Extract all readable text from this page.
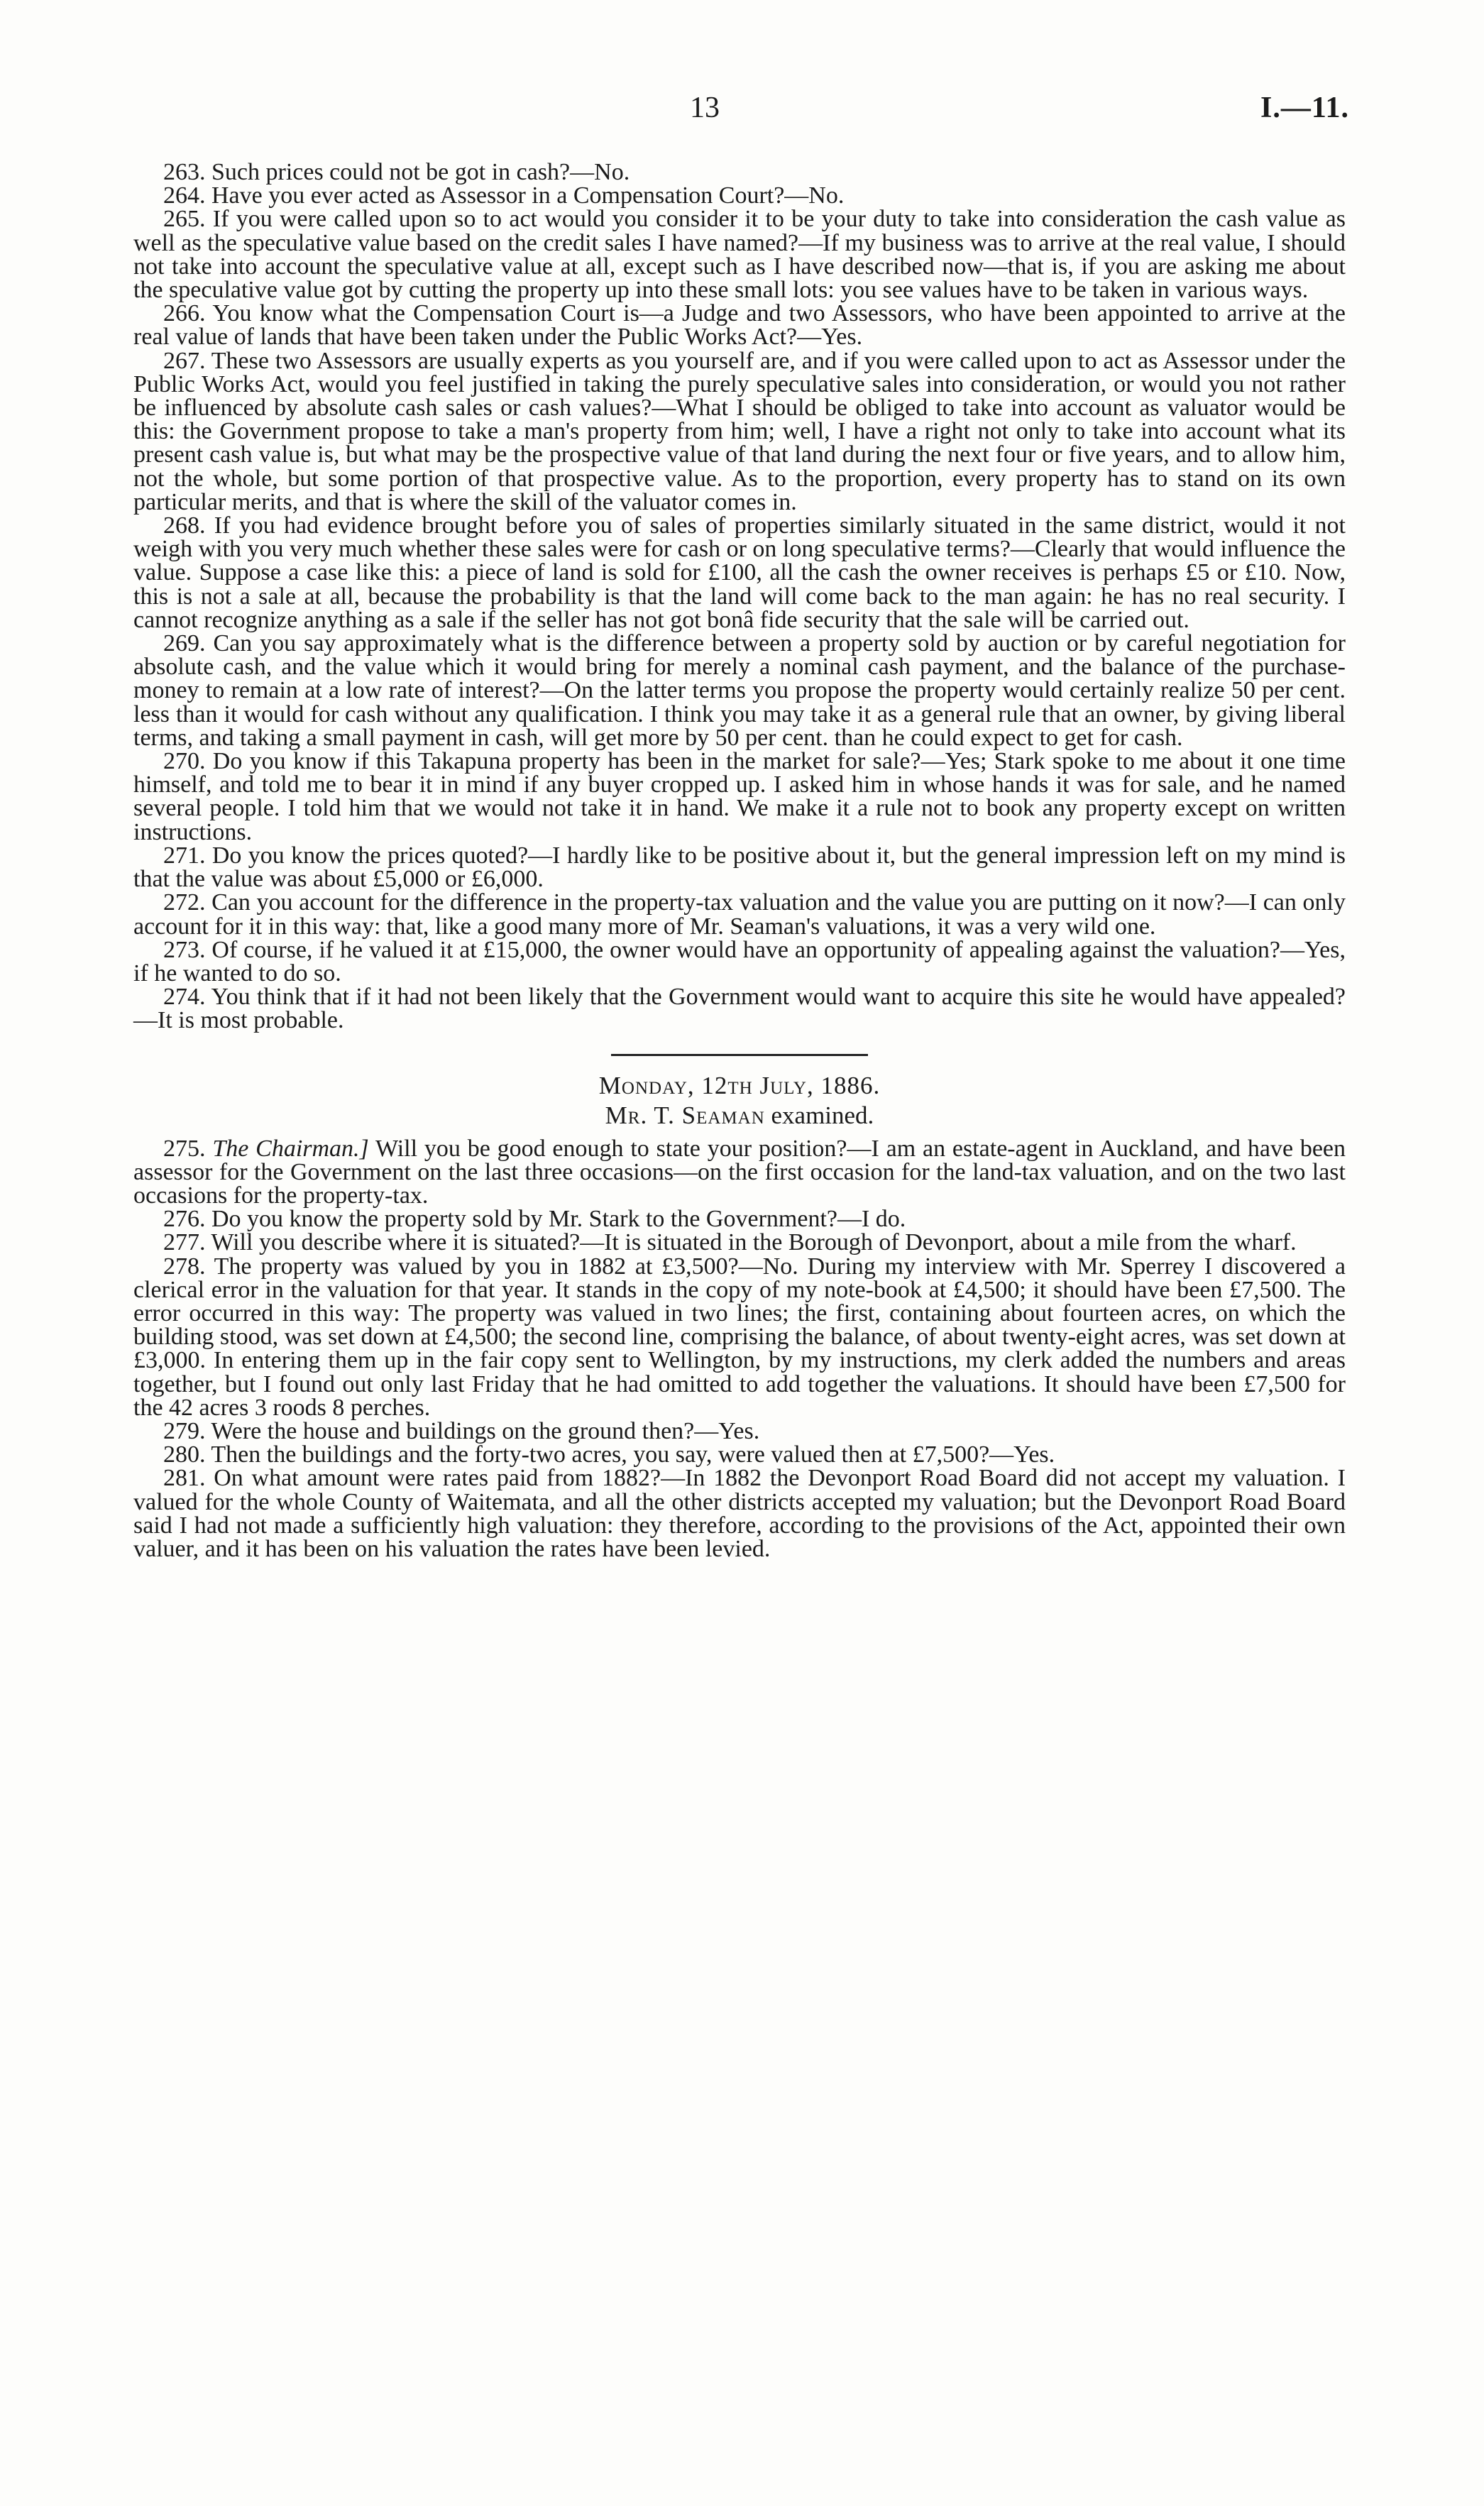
13	I.—11.

263. Such prices could not be got in cash?—No.

264. Have you ever acted as Assessor in a Compensation Court?—No.

265. If you were called upon so to act would you consider it to be your duty to take into consideration the cash value as well as the speculative value based on the credit sales I have named?—If my business was to arrive at the real value, I should not take into account the speculative value at all, except such as I have described now—that is, if you are asking me about the speculative value got by cutting the property up into these small lots: you see values have to be taken in various ways.

266. You know what the Compensation Court is—a Judge and two Assessors, who have been appointed to arrive at the real value of lands that have been taken under the Public Works Act?—Yes.

267. These two Assessors are usually experts as you yourself are, and if you were called upon to act as Assessor under the Public Works Act, would you feel justified in taking the purely speculative sales into consideration, or would you not rather be influenced by absolute cash sales or cash values?—What I should be obliged to take into account as valuator would be this: the Government propose to take a man's property from him; well, I have a right not only to take into account what its present cash value is, but what may be the prospective value of that land during the next four or five years, and to allow him, not the whole, but some portion of that prospective value. As to the proportion, every property has to stand on its own particular merits, and that is where the skill of the valuator comes in.

268. If you had evidence brought before you of sales of properties similarly situated in the same district, would it not weigh with you very much whether these sales were for cash or on long speculative terms?—Clearly that would influence the value. Suppose a case like this: a piece of land is sold for £100, all the cash the owner receives is perhaps £5 or £10. Now, this is not a sale at all, because the probability is that the land will come back to the man again: he has no real security. I cannot recognize anything as a sale if the seller has not got bonâ fide security that the sale will be carried out.

269. Can you say approximately what is the difference between a property sold by auction or by careful negotiation for absolute cash, and the value which it would bring for merely a nominal cash payment, and the balance of the purchase-money to remain at a low rate of interest?—On the latter terms you propose the property would certainly realize 50 per cent. less than it would for cash without any qualification. I think you may take it as a general rule that an owner, by giving liberal terms, and taking a small payment in cash, will get more by 50 per cent. than he could expect to get for cash.

270. Do you know if this Takapuna property has been in the market for sale?—Yes; Stark spoke to me about it one time himself, and told me to bear it in mind if any buyer cropped up. I asked him in whose hands it was for sale, and he named several people. I told him that we would not take it in hand. We make it a rule not to book any property except on written instructions.

271. Do you know the prices quoted?—I hardly like to be positive about it, but the general impression left on my mind is that the value was about £5,000 or £6,000.

272. Can you account for the difference in the property-tax valuation and the value you are putting on it now?—I can only account for it in this way: that, like a good many more of Mr. Seaman's valuations, it was a very wild one.

273. Of course, if he valued it at £15,000, the owner would have an opportunity of appealing against the valuation?—Yes, if he wanted to do so.

274. You think that if it had not been likely that the Government would want to acquire this site he would have appealed?—It is most probable.

Monday, 12th July, 1886.

Mr. T. Seaman examined.

275. The Chairman.] Will you be good enough to state your position?—I am an estate-agent in Auckland, and have been assessor for the Government on the last three occasions—on the first occasion for the land-tax valuation, and on the two last occasions for the property-tax.

276. Do you know the property sold by Mr. Stark to the Government?—I do.

277. Will you describe where it is situated?—It is situated in the Borough of Devonport, about a mile from the wharf.

278. The property was valued by you in 1882 at £3,500?—No. During my interview with Mr. Sperrey I discovered a clerical error in the valuation for that year. It stands in the copy of my note-book at £4,500; it should have been £7,500. The error occurred in this way: The property was valued in two lines; the first, containing about fourteen acres, on which the building stood, was set down at £4,500; the second line, comprising the balance, of about twenty-eight acres, was set down at £3,000. In entering them up in the fair copy sent to Wellington, by my instructions, my clerk added the numbers and areas together, but I found out only last Friday that he had omitted to add together the valuations. It should have been £7,500 for the 42 acres 3 roods 8 perches.

279. Were the house and buildings on the ground then?—Yes.

280. Then the buildings and the forty-two acres, you say, were valued then at £7,500?—Yes.

281. On what amount were rates paid from 1882?—In 1882 the Devonport Road Board did not accept my valuation. I valued for the whole County of Waitemata, and all the other districts accepted my valuation; but the Devonport Road Board said I had not made a sufficiently high valuation: they therefore, according to the provisions of the Act, appointed their own valuer, and it has been on his valuation the rates have been levied.
